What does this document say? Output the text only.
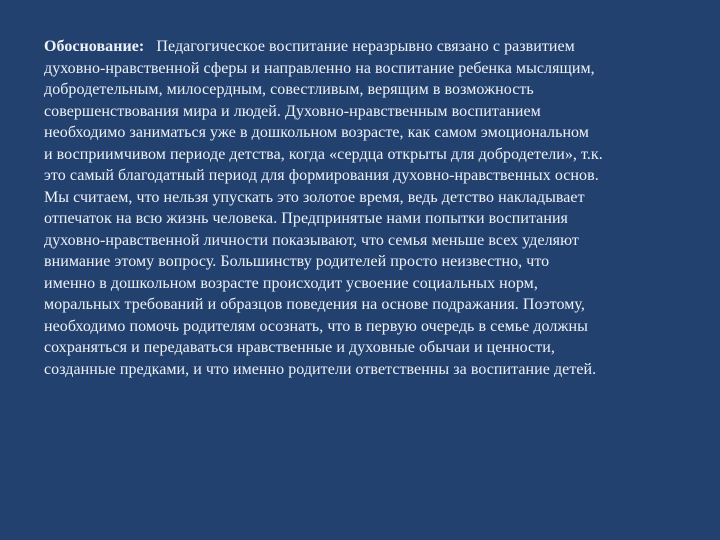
Обоснование: Педагогическое воспитание неразрывно связано с развитием
духовно-нравственной сферы и направленно на воспитание ребенка мыслящим,
добродетельным, милосердным, совестливым, верящим в возможность
совершенствования мира и людей. Духовно-нравственным воспитанием
необходимо заниматься уже в дошкольном возрасте, как самом эмоциональном
и восприимчивом периоде детства, когда «сердца открыты для добродетели», т.к.
это самый благодатный период для формирования духовно-нравственных основ.
Мы считаем, что нельзя упускать это золотое время, ведь детство накладывает
отпечаток на всю жизнь человека. Предпринятые нами попытки воспитания
духовно-нравственной личности показывают, что семья меньше всех уделяют
внимание этому вопросу. Большинству родителей просто неизвестно, что
именно в дошкольном возрасте происходит усвоение социальных норм,
моральных требований и образцов поведения на основе подражания. Поэтому,
необходимо помочь родителям осознать, что в первую очередь в семье должны
сохраняться и передаваться нравственные и духовные обычаи и ценности,
созданные предками, и что именно родители ответственны за воспитание детей.
